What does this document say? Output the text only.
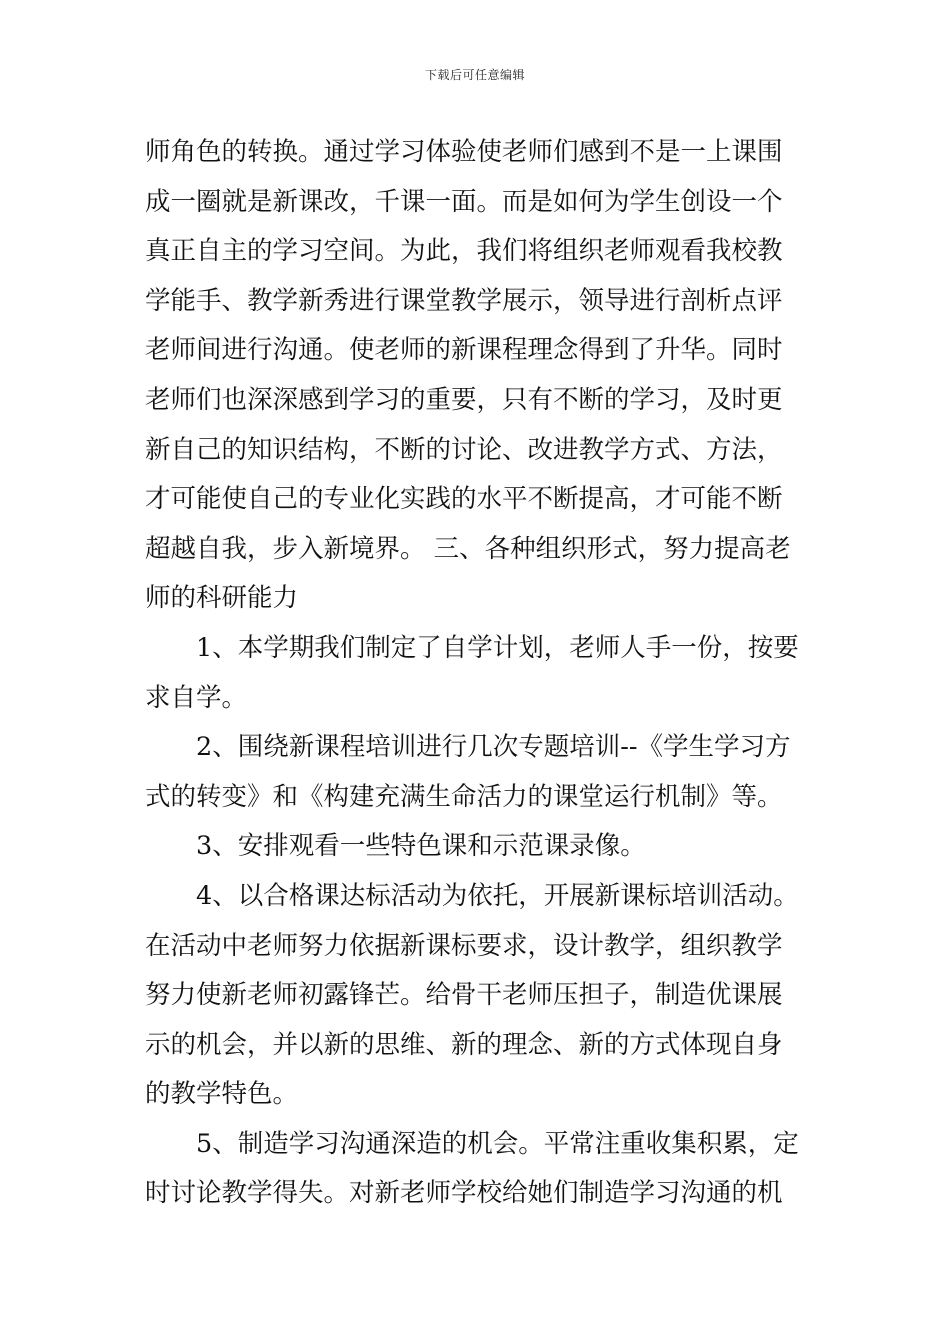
下载后可任意编辑
师角色的转换。通过学习体验使老师们感到不是一上课围
成一圈就是新课改，千课一面。而是如何为学生创设一个
真正自主的学习空间。为此，我们将组织老师观看我校教
学能手、教学新秀进行课堂教学展示，领导进行剖析点评
老师间进行沟通。使老师的新课程理念得到了升华。同时
老师们也深深感到学习的重要，只有不断的学习，及时更
新自己的知识结构，不断的讨论、改进教学方式、方法，
才可能使自己的专业化实践的水平不断提高，才可能不断
超越自我，步入新境界。 三、各种组织形式，努力提高老
师的科研能力
1、本学期我们制定了自学计划，老师人手一份，按要
求自学。
2、围绕新课程培训进行几次专题培训--《学生学习方
式的转变》和《构建充满生命活力的课堂运行机制》等。
3、安排观看一些特色课和示范课录像。
4、以合格课达标活动为依托，开展新课标培训活动。
在活动中老师努力依据新课标要求，设计教学，组织教学
努力使新老师初露锋芒。给骨干老师压担子，制造优课展
示的机会，并以新的思维、新的理念、新的方式体现自身
的教学特色。
5、制造学习沟通深造的机会。平常注重收集积累，定
时讨论教学得失。对新老师学校给她们制造学习沟通的机
